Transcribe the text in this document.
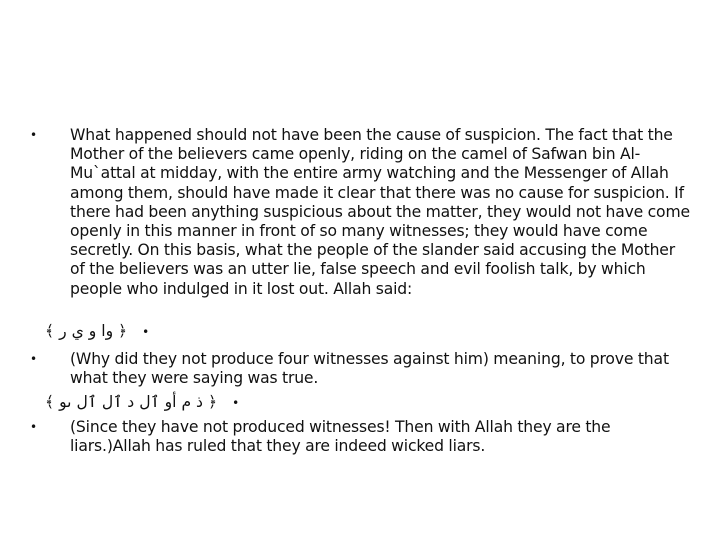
• What happened should not have been the cause of suspicion. The fact that the Mother of the believers came openly, riding on the camel of Safwan bin Al-Mu`attal at midday, with the entire army watching and the Messenger of Allah among them, should have made it clear that there was no cause for suspicion. If there had been anything suspicious about the matter, they would not have come openly in this manner in front of so many witnesses; they would have come secretly. On this basis, what the people of the slander said accusing the Mother of the believers was an utter lie, false speech and evil foolish talk, by which people who indulged in it lost out. Allah said:
﴿ وا و ي ر ﴾ •
• (Why did they not produce four witnesses against him) meaning, to prove that what they were saying was true.
﴿ ذ م أو ٱل د ٱل ٱل ىو ﴾ •
• (Since they have not produced witnesses! Then with Allah they are the liars.)Allah has ruled that they are indeed wicked liars.
